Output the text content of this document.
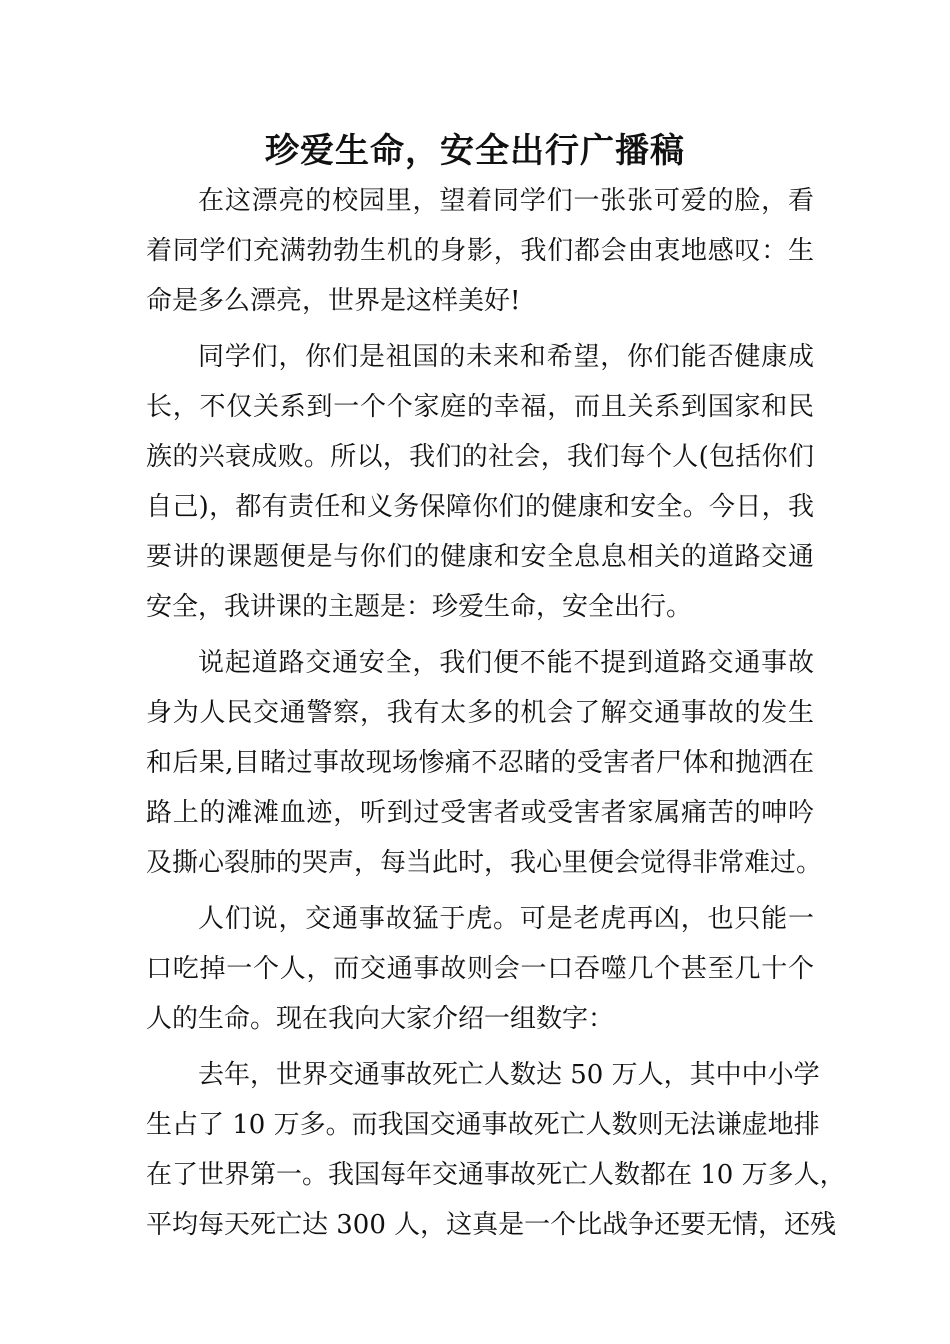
珍爱生命，安全出行广播稿
在这漂亮的校园里，望着同学们一张张可爱的脸，看
着同学们充满勃勃生机的身影，我们都会由衷地感叹：生
命是多么漂亮，世界是这样美好!
同学们，你们是祖国的未来和希望，你们能否健康成
长，不仅关系到一个个家庭的幸福，而且关系到国家和民
族的兴衰成败。所以，我们的社会，我们每个人(包括你们
自己)，都有责任和义务保障你们的健康和安全。今日，我
要讲的课题便是与你们的健康和安全息息相关的道路交通
安全，我讲课的主题是：珍爱生命，安全出行。
说起道路交通安全，我们便不能不提到道路交通事故
身为人民交通警察，我有太多的机会了解交通事故的发生
和后果,目睹过事故现场惨痛不忍睹的受害者尸体和抛洒在
路上的滩滩血迹，听到过受害者或受害者家属痛苦的呻吟
及撕心裂肺的哭声，每当此时，我心里便会觉得非常难过。
人们说，交通事故猛于虎。可是老虎再凶，也只能一
口吃掉一个人，而交通事故则会一口吞噬几个甚至几十个
人的生命。现在我向大家介绍一组数字：
去年，世界交通事故死亡人数达 50 万人，其中中小学
生占了 10 万多。而我国交通事故死亡人数则无法谦虚地排
在了世界第一。我国每年交通事故死亡人数都在 10 万多人，
平均每天死亡达 300 人，这真是一个比战争还要无情，还残
